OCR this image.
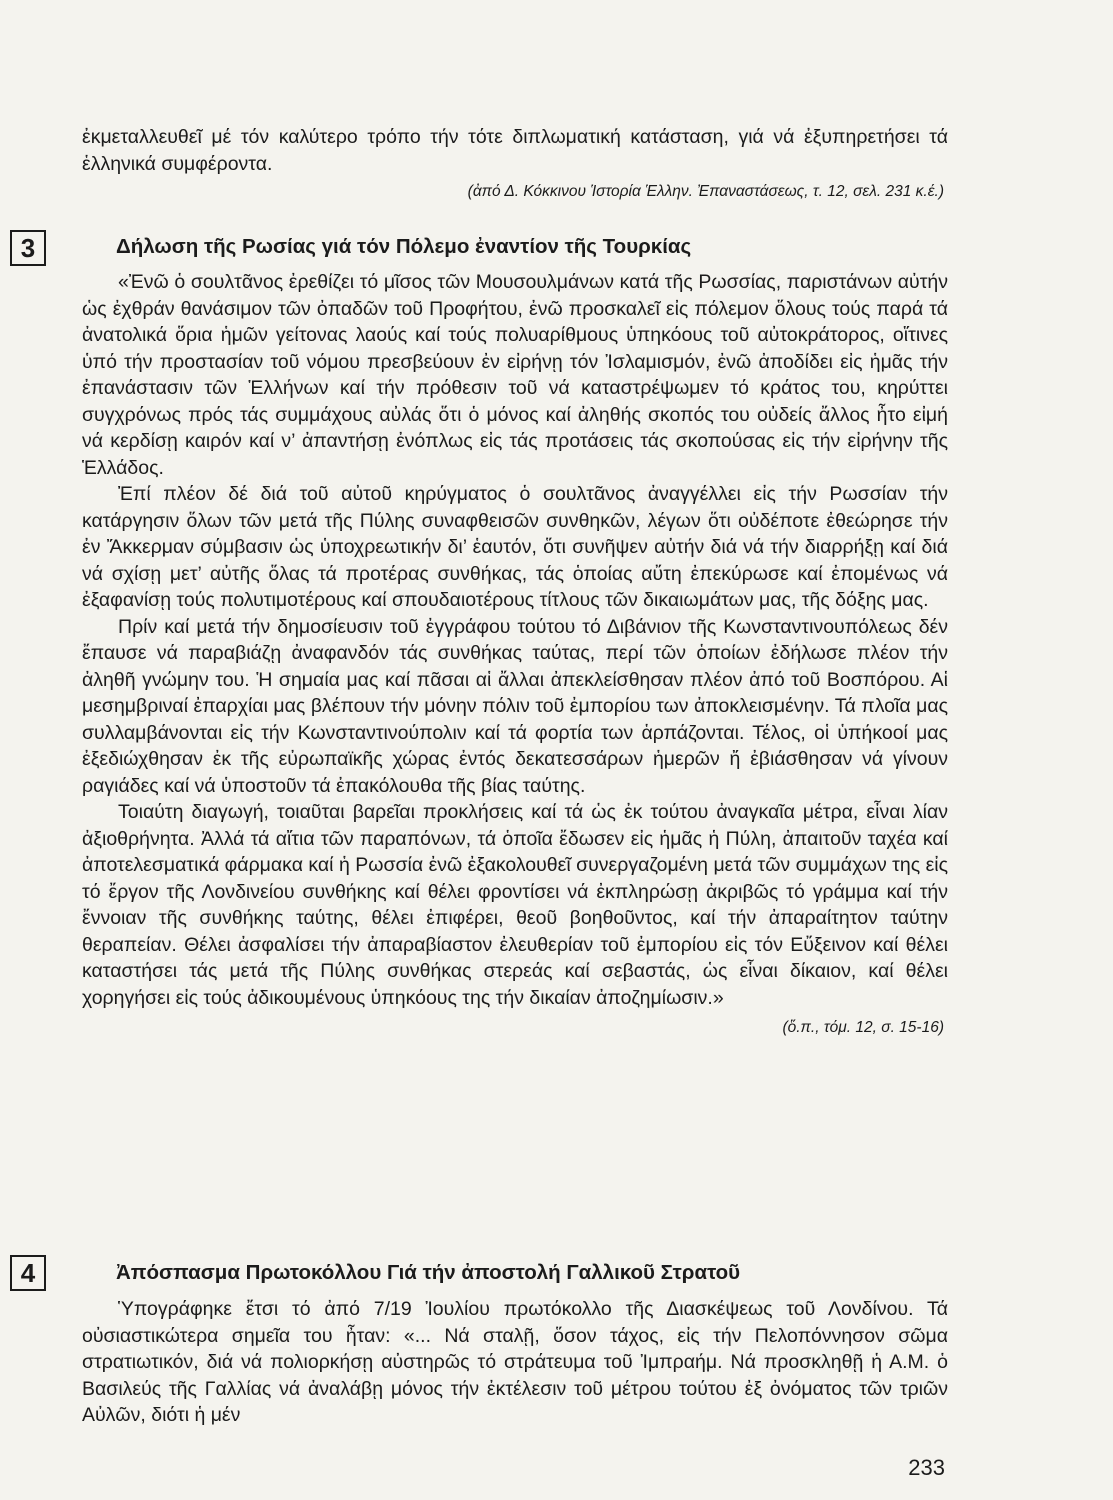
ἐκμεταλλευθεῖ μέ τόν καλύτερο τρόπο τήν τότε διπλωματική κατάσταση, γιά νά ἐξυπηρετήσει τά ἑλληνικά συμφέροντα.

(ἀπό Δ. Κόκκινου Ἱστορία Ἑλλην. Ἐπαναστάσεως, τ. 12, σελ. 231 κ.έ.)

3	Δήλωση τῆς Ρωσίας γιά τόν Πόλεμο ἐναντίον τῆς Τουρκίας

«Ἐνῶ ὁ σουλτᾶνος ἐρεθίζει τό μῖσος τῶν Μουσουλμάνων κατά τῆς Ρωσσίας, παριστάνων αὐτήν ὡς ἐχθράν θανάσιμον τῶν ὀπαδῶν τοῦ Προφήτου, ἐνῶ προσκαλεῖ εἰς πόλεμον ὅλους τούς παρά τά ἀνατολικά ὅρια ἡμῶν γείτονας λαούς καί τούς πολυαρίθμους ὑπηκόους τοῦ αὐτοκράτορος, οἵτινες ὑπό τήν προστασίαν τοῦ νόμου πρεσβεύουν ἐν εἰρήνῃ τόν Ἰσλαμισμόν, ἐνῶ ἀποδίδει εἰς ἡμᾶς τήν ἐπανάστασιν τῶν Ἑλλήνων καί τήν πρόθεσιν τοῦ νά καταστρέψωμεν τό κράτος του, κηρύττει συγχρόνως πρός τάς συμμάχους αὐλάς ὅτι ὁ μόνος καί ἀληθής σκοπός του οὐδείς ἄλλος ἦτο εἰμή νά κερδίσῃ καιρόν καί ν’ ἀπαντήσῃ ἐνόπλως εἰς τάς προτάσεις τάς σκοπούσας εἰς τήν εἰρήνην τῆς Ἑλλάδος.

Ἐπί πλέον δέ διά τοῦ αὐτοῦ κηρύγματος ὁ σουλτᾶνος ἀναγγέλλει εἰς τήν Ρωσσίαν τήν κατάργησιν ὅλων τῶν μετά τῆς Πύλης συναφθεισῶν συνθηκῶν, λέγων ὅτι οὐδέποτε ἐθεώρησε τήν ἐν Ἄκκερμαν σύμβασιν ὡς ὑποχρεωτικήν δι’ ἑαυτόν, ὅτι συνῆψεν αὐτήν διά νά τήν διαρρήξῃ καί διά νά σχίσῃ μετ’ αὐτῆς ὅλας τά προτέρας συνθήκας, τάς ὁποίας αὔτη ἐπεκύρωσε καί ἐπομένως νά ἐξαφανίσῃ τούς πολυτιμοτέρους καί σπουδαιοτέρους τίτλους τῶν δικαιωμάτων μας, τῆς δόξης μας.

Πρίν καί μετά τήν δημοσίευσιν τοῦ ἐγγράφου τούτου τό Διβάνιον τῆς Κωνσταντινουπόλεως δέν ἔπαυσε νά παραβιάζῃ ἀναφανδόν τάς συνθήκας ταύτας, περί τῶν ὁποίων ἐδήλωσε πλέον τήν ἀληθῆ γνώμην του. Ἡ σημαία μας καί πᾶσαι αἱ ἄλλαι ἀπεκλείσθησαν πλέον ἀπό τοῦ Βοσπόρου. Αἱ μεσημβριναί ἐπαρχίαι μας βλέπουν τήν μόνην πόλιν τοῦ ἐμπορίου των ἀποκλεισμένην. Τά πλοῖα μας συλλαμβάνονται εἰς τήν Κωνσταντινούπολιν καί τά φορτία των ἁρπάζονται. Τέλος, οἱ ὑπήκοοί μας ἐξεδιώχθησαν ἐκ τῆς εὐρωπαϊκῆς χώρας ἐντός δεκατεσσάρων ἡμερῶν ἤ ἐβιάσθησαν νά γίνουν ραγιάδες καί νά ὑποστοῦν τά ἐπακόλουθα τῆς βίας ταύτης.

Τοιαύτη διαγωγή, τοιαῦται βαρεῖαι προκλήσεις καί τά ὡς ἐκ τούτου ἀναγκαῖα μέτρα, εἶναι λίαν ἀξιοθρήνητα. Ἀλλά τά αἴτια τῶν παραπόνων, τά ὁποῖα ἔδωσεν εἰς ἡμᾶς ἡ Πύλη, ἀπαιτοῦν ταχέα καί ἀποτελεσματικά φάρμακα καί ἡ Ρωσσία ἐνῶ ἐξακολουθεῖ συνεργαζομένη μετά τῶν συμμάχων της εἰς τό ἔργον τῆς Λονδινείου συνθήκης καί θέλει φροντίσει νά ἐκπληρώσῃ ἀκριβῶς τό γράμμα καί τήν ἔννοιαν τῆς συνθήκης ταύτης, θέλει ἐπιφέρει, θεοῦ βοηθοῦντος, καί τήν ἀπαραίτητον ταύτην θεραπείαν. Θέλει ἀσφαλίσει τήν ἀπαραβίαστον ἐλευθερίαν τοῦ ἐμπορίου εἰς τόν Εὔξεινον καί θέλει καταστήσει τάς μετά τῆς Πύλης συνθήκας στερεάς καί σεβαστάς, ὡς εἶναι δίκαιον, καί θέλει χορηγήσει εἰς τούς ἀδικουμένους ὑπηκόους της τήν δικαίαν ἀποζημίωσιν.»

(ὅ.π., τόμ. 12, σ. 15-16)

4	Ἀπόσπασμα Πρωτοκόλλου Γιά τήν ἀποστολή Γαλλικοῦ Στρατοῦ

Ὑπογράφηκε ἔτσι τό ἀπό 7/19 Ἰουλίου πρωτόκολλο τῆς Διασκέψεως τοῦ Λονδίνου. Τά οὐσιαστικώτερα σημεῖα του ἦταν: «... Νά σταλῇ, ὅσον τάχος, εἰς τήν Πελοπόννησον σῶμα στρατιωτικόν, διά νά πολιορκήσῃ αὐστηρῶς τό στράτευμα τοῦ Ἰμπραήμ. Νά προσκληθῇ ἡ Α.Μ. ὁ Βασιλεύς τῆς Γαλλίας νά ἀναλάβῃ μόνος τήν ἐκτέλεσιν τοῦ μέτρου τούτου ἐξ ὀνόματος τῶν τριῶν Αὐλῶν, διότι ἡ μέν

233
